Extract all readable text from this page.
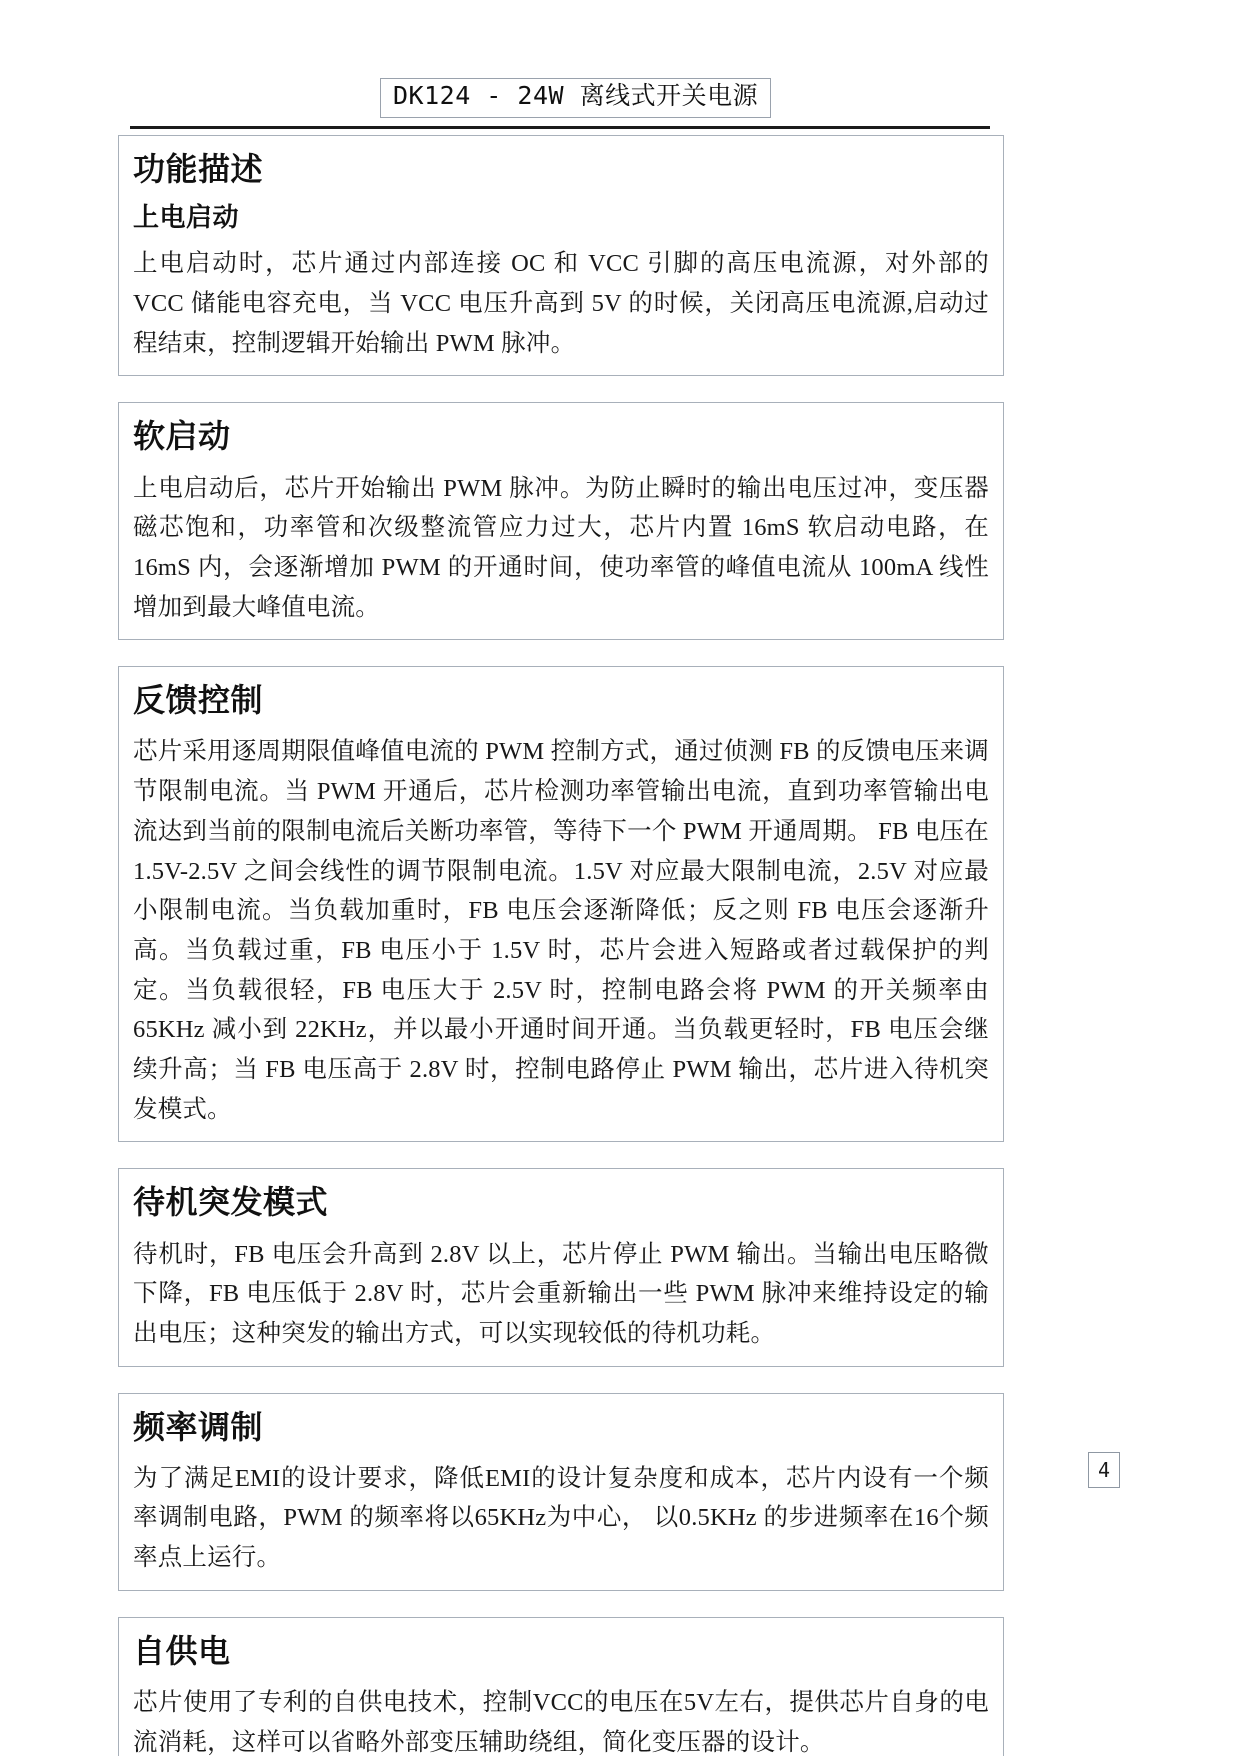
DK124 - 24W 离线式开关电源
功能描述
上电启动

上电启动时，芯片通过内部连接 OC 和 VCC 引脚的高压电流源，对外部的 VCC 储能电容充电，当 VCC 电压升高到 5V 的时候，关闭高压电流源,启动过程结束，控制逻辑开始输出 PWM 脉冲。

软启动

上电启动后，芯片开始输出 PWM 脉冲。为防止瞬时的输出电压过冲，变压器磁芯饱和，功率管和次级整流管应力过大，芯片内置 16mS 软启动电路，在 16mS 内，会逐渐增加 PWM 的开通时间，使功率管的峰值电流从 100mA 线性增加到最大峰值电流。

反馈控制

芯片采用逐周期限值峰值电流的 PWM 控制方式，通过侦测 FB 的反馈电压来调节限制电流。当 PWM 开通后，芯片检测功率管输出电流，直到功率管输出电流达到当前的限制电流后关断功率管，等待下一个 PWM 开通周期。 FB 电压在 1.5V-2.5V 之间会线性的调节限制电流。1.5V 对应最大限制电流，2.5V 对应最小限制电流。当负载加重时，FB 电压会逐渐降低；反之则 FB 电压会逐渐升高。当负载过重，FB 电压小于 1.5V 时，芯片会进入短路或者过载保护的判定。当负载很轻，FB 电压大于 2.5V 时，控制电路会将 PWM 的开关频率由 65KHz 减小到 22KHz，并以最小开通时间开通。当负载更轻时，FB 电压会继续升高；当 FB 电压高于 2.8V 时，控制电路停止 PWM 输出，芯片进入待机突发模式。

待机突发模式

待机时，FB 电压会升高到 2.8V 以上，芯片停止 PWM 输出。当输出电压略微下降，FB 电压低于 2.8V 时，芯片会重新输出一些 PWM 脉冲来维持设定的输出电压；这种突发的输出方式，可以实现较低的待机功耗。

频率调制

为了满足EMI的设计要求，降低EMI的设计复杂度和成本，芯片内设有一个频率调制电路，PWM 的频率将以65KHz为中心， 以0.5KHz 的步进频率在16个频率点上运行。

自供电

芯片使用了专利的自供电技术，控制VCC的电压在5V左右，提供芯片自身的电流消耗，这样可以省略外部变压辅助绕组，简化变压器的设计。

4
